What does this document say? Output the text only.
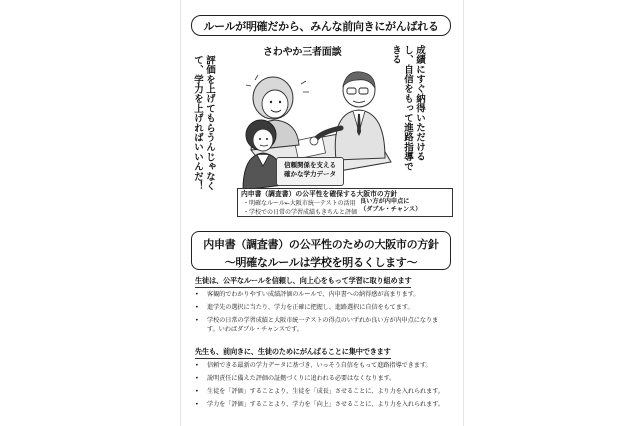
ルールが明確だから、みんな前向きにがんばれる
さわやか三者面談	成績にすぐ納得いただけるし、自信をもって進路指導できる
評価を上げてもらうんじゃなくて、学力を上げればいいんだ！	信頼関係を支える
確かな学力データ
内申書（調査書）の公平性を確保する大阪市の方針
・明確なルール←大阪市統一テストの活用
・学校での日常の学習成績もきちんと評価
良い方が内申点に
（ダブル・チャンス）
内申書（調査書）の公平性のための大阪市の方針
〜明確なルールは学校を明るくします〜
生徒は、公平なルールを信頼し、向上心をもって学習に取り組めます
• 客観的でわかりやすい成績評価のルールで、内申書への納得感が高まります。
• 進学先の選択に当たり、学力を正確に把握し、進路選択に自信をもてます。
• 学校の日常の学習成績と大阪市統一テストの得点のいずれか良い方が内申点になります。いわばダブル・チャンスです。
先生も、前向きに、生徒のためにがんばることに集中できます
• 信頼できる最新の学力データに基づき、いっそう自信をもって進路指導できます。
• 説明責任に備えた評価の証拠づくりに追われる必要はなくなります。
• 生徒を「評価」することより、生徒を「成長」させることに、より力を入れられます。
• 学力を「評価」することより、学力を「向上」させることに、より力を入れられます。
